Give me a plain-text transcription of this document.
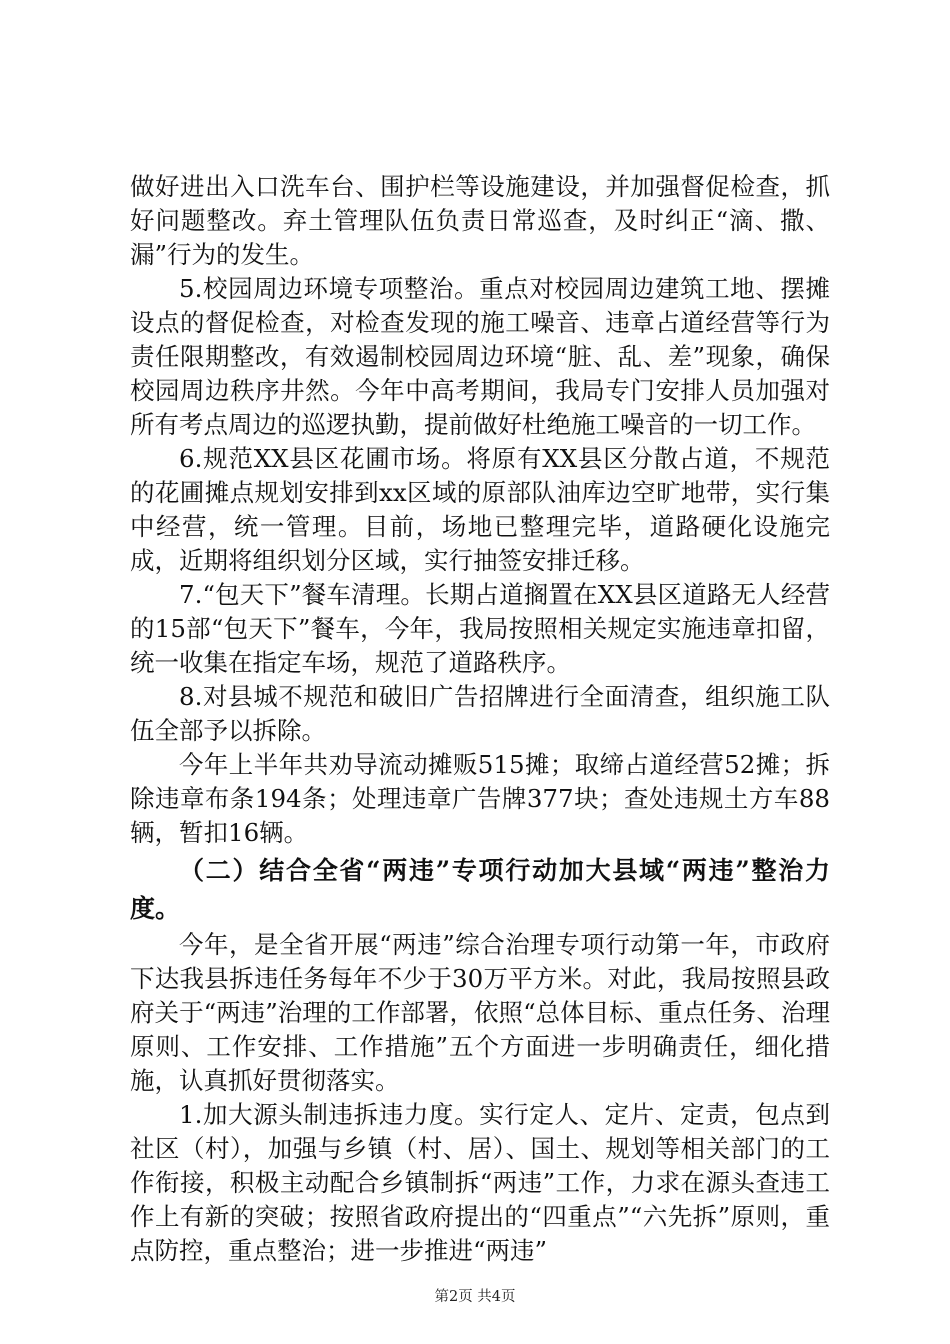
做好进出入口洗车台、围护栏等设施建设，并加强督促检查，抓好问题整改。弃土管理队伍负责日常巡查，及时纠正“滴、撒、漏”行为的发生。

5.校园周边环境专项整治。重点对校园周边建筑工地、摆摊设点的督促检查，对检查发现的施工噪音、违章占道经营等行为责任限期整改，有效遏制校园周边环境“脏、乱、差”现象，确保校园周边秩序井然。今年中高考期间，我局专门安排人员加强对所有考点周边的巡逻执勤，提前做好杜绝施工噪音的一切工作。

6.规范XX县区花圃市场。将原有XX县区分散占道，不规范的花圃摊点规划安排到xx区域的原部队油库边空旷地带，实行集中经营，统一管理。目前，场地已整理完毕，道路硬化设施完成，近期将组织划分区域，实行抽签安排迁移。

7.“包天下”餐车清理。长期占道搁置在XX县区道路无人经营的15部“包天下”餐车，今年，我局按照相关规定实施违章扣留，统一收集在指定车场，规范了道路秩序。

8.对县城不规范和破旧广告招牌进行全面清查，组织施工队伍全部予以拆除。

今年上半年共劝导流动摊贩515摊；取缔占道经营52摊；拆除违章布条194条；处理违章广告牌377块；查处违规土方车88辆，暂扣16辆。

（二）结合全省“两违”专项行动加大县域“两违”整治力度。

今年，是全省开展“两违”综合治理专项行动第一年，市政府下达我县拆违任务每年不少于30万平方米。对此，我局按照县政府关于“两违”治理的工作部署，依照“总体目标、重点任务、治理原则、工作安排、工作措施”五个方面进一步明确责任，细化措施，认真抓好贯彻落实。

1.加大源头制违拆违力度。实行定人、定片、定责，包点到社区（村），加强与乡镇（村、居）、国土、规划等相关部门的工作衔接，积极主动配合乡镇制拆“两违”工作，力求在源头查违工作上有新的突破；按照省政府提出的“四重点”“六先拆”原则，重点防控，重点整治；进一步推进“两违”

第2页 共4页
